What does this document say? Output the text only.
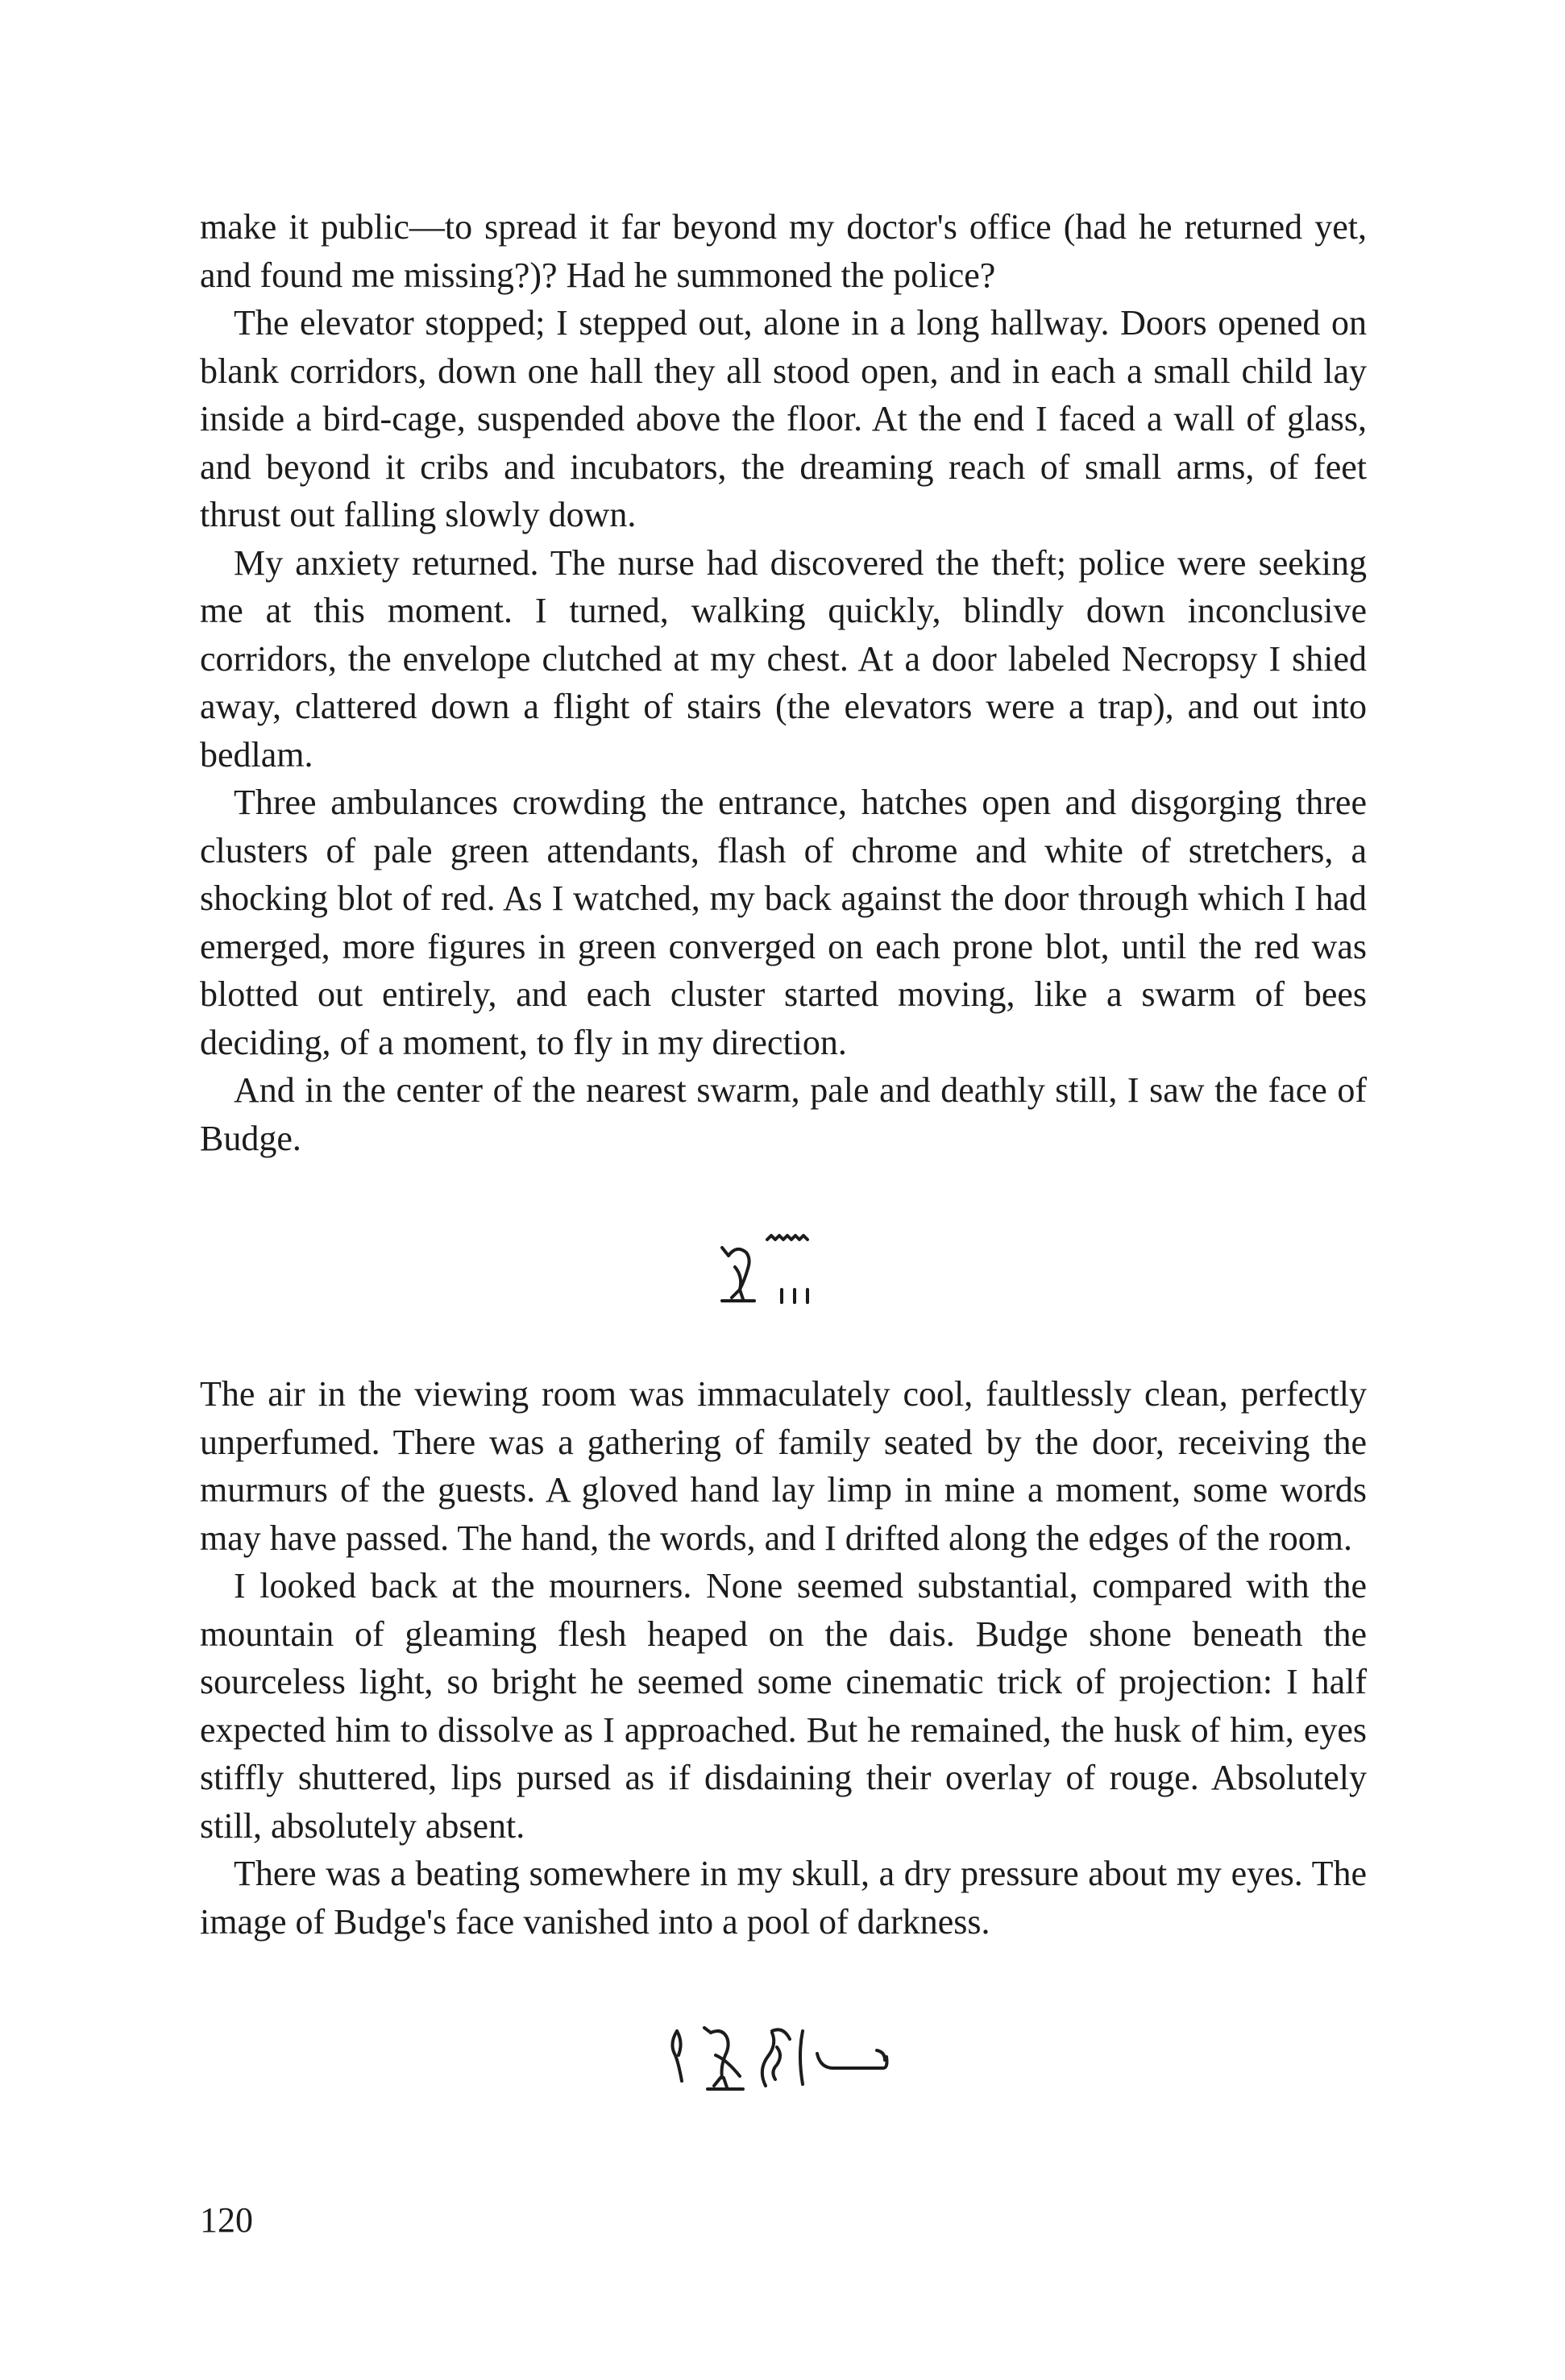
make it public—to spread it far beyond my doctor's office (had he returned yet, and found me missing?)? Had he summoned the police?

The elevator stopped; I stepped out, alone in a long hallway. Doors opened on blank corridors, down one hall they all stood open, and in each a small child lay inside a bird-cage, suspended above the floor. At the end I faced a wall of glass, and beyond it cribs and incubators, the dreaming reach of small arms, of feet thrust out falling slowly down.

My anxiety returned. The nurse had discovered the theft; police were seeking me at this moment. I turned, walking quickly, blindly down inconclusive corridors, the envelope clutched at my chest. At a door labeled Necropsy I shied away, clattered down a flight of stairs (the elevators were a trap), and out into bedlam.

Three ambulances crowding the entrance, hatches open and disgorging three clusters of pale green attendants, flash of chrome and white of stretchers, a shocking blot of red. As I watched, my back against the door through which I had emerged, more figures in green converged on each prone blot, until the red was blotted out entirely, and each cluster started moving, like a swarm of bees deciding, of a moment, to fly in my direction.

And in the center of the nearest swarm, pale and deathly still, I saw the face of Budge.

The air in the viewing room was immaculately cool, faultlessly clean, perfectly unperfumed. There was a gathering of family seated by the door, receiving the murmurs of the guests. A gloved hand lay limp in mine a moment, some words may have passed. The hand, the words, and I drifted along the edges of the room.

I looked back at the mourners. None seemed substantial, compared with the mountain of gleaming flesh heaped on the dais. Budge shone beneath the sourceless light, so bright he seemed some cinematic trick of projection: I half expected him to dissolve as I approached. But he remained, the husk of him, eyes stiffly shuttered, lips pursed as if disdaining their overlay of rouge. Absolutely still, absolutely absent.

There was a beating somewhere in my skull, a dry pressure about my eyes. The image of Budge's face vanished into a pool of darkness.

120
